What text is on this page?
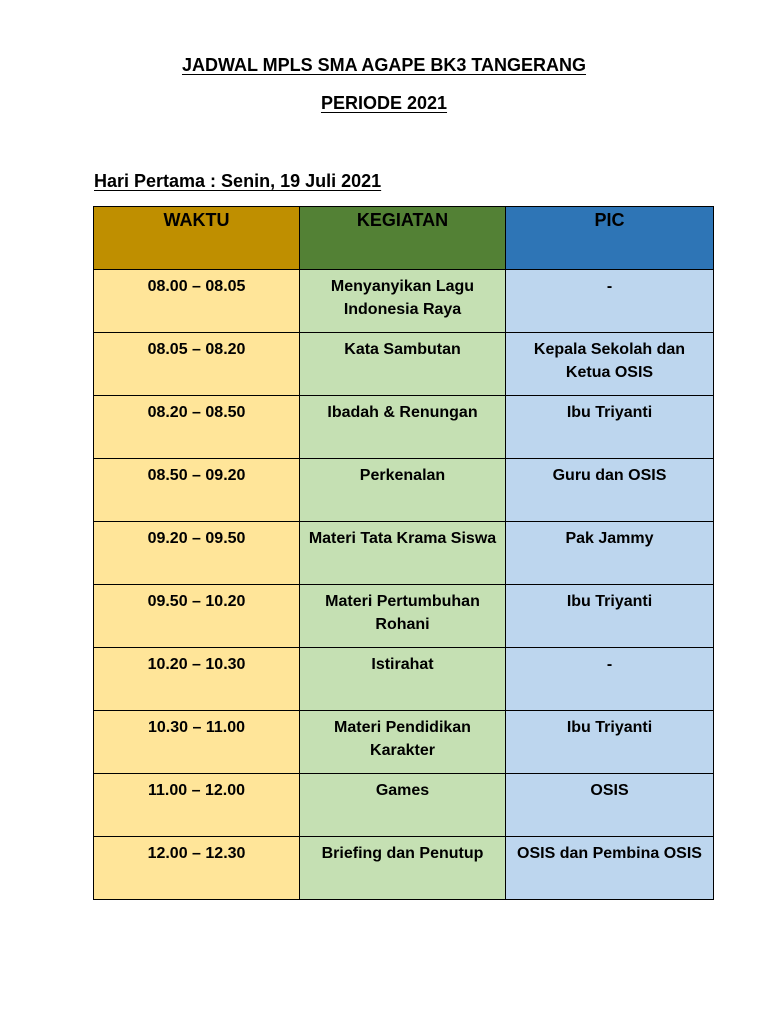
JADWAL MPLS SMA AGAPE BK3 TANGERANG
PERIODE 2021
Hari Pertama : Senin, 19 Juli 2021
WAKTU	KEGIATAN	PIC
08.00 – 08.05	Menyanyikan Lagu Indonesia Raya	-
08.05 – 08.20	Kata Sambutan	Kepala Sekolah dan Ketua OSIS
08.20 – 08.50	Ibadah & Renungan	Ibu Triyanti
08.50 – 09.20	Perkenalan	Guru dan OSIS
09.20 – 09.50	Materi Tata Krama Siswa	Pak Jammy
09.50 – 10.20	Materi Pertumbuhan Rohani	Ibu Triyanti
10.20 – 10.30	Istirahat	-
10.30 – 11.00	Materi Pendidikan Karakter	Ibu Triyanti
11.00 – 12.00	Games	OSIS
12.00 – 12.30	Briefing dan Penutup	OSIS dan Pembina OSIS
